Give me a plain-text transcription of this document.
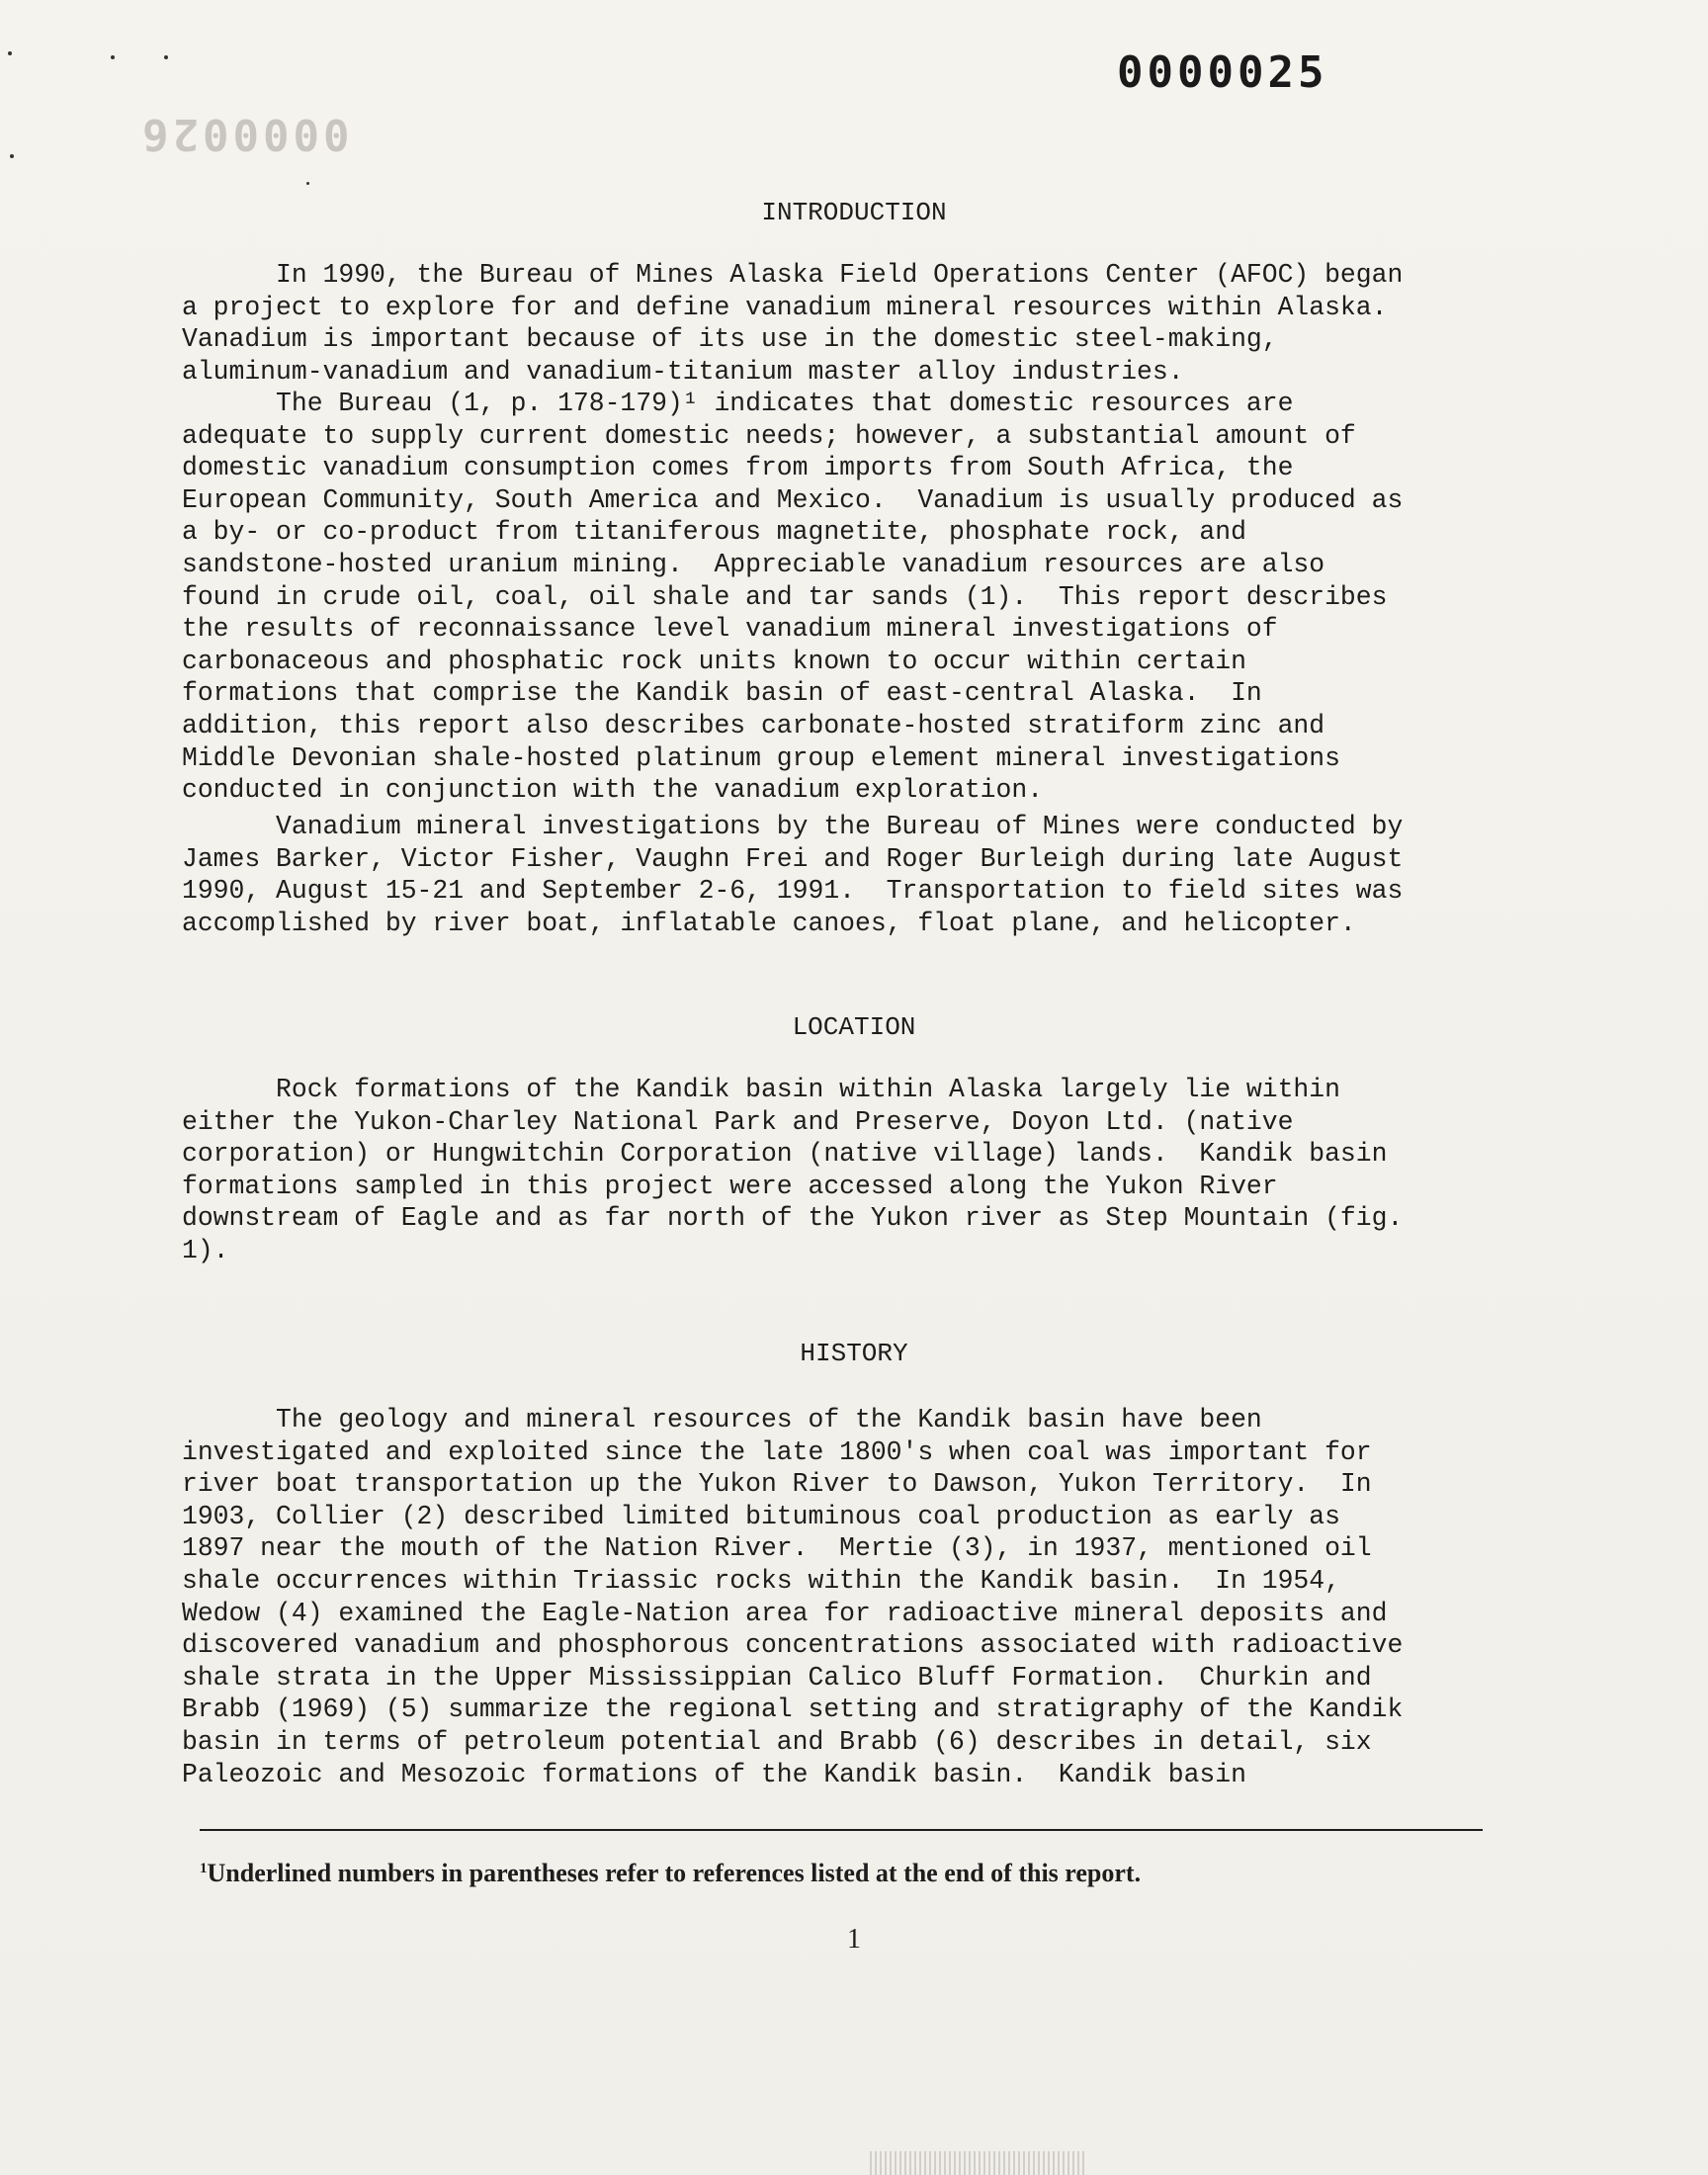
0000026
0000025
INTRODUCTION
In 1990, the Bureau of Mines Alaska Field Operations Center (AFOC) began
a project to explore for and define vanadium mineral resources within Alaska.
Vanadium is important because of its use in the domestic steel-making,
aluminum-vanadium and vanadium-titanium master alloy industries.
The Bureau (1, p. 178-179)¹ indicates that domestic resources are
adequate to supply current domestic needs; however, a substantial amount of
domestic vanadium consumption comes from imports from South Africa, the
European Community, South America and Mexico.  Vanadium is usually produced as
a by- or co-product from titaniferous magnetite, phosphate rock, and
sandstone-hosted uranium mining.  Appreciable vanadium resources are also
found in crude oil, coal, oil shale and tar sands (1).  This report describes
the results of reconnaissance level vanadium mineral investigations of
carbonaceous and phosphatic rock units known to occur within certain
formations that comprise the Kandik basin of east-central Alaska.  In
addition, this report also describes carbonate-hosted stratiform zinc and
Middle Devonian shale-hosted platinum group element mineral investigations
conducted in conjunction with the vanadium exploration.
Vanadium mineral investigations by the Bureau of Mines were conducted by
James Barker, Victor Fisher, Vaughn Frei and Roger Burleigh during late August
1990, August 15-21 and September 2-6, 1991.  Transportation to field sites was
accomplished by river boat, inflatable canoes, float plane, and helicopter.
LOCATION
Rock formations of the Kandik basin within Alaska largely lie within
either the Yukon-Charley National Park and Preserve, Doyon Ltd. (native
corporation) or Hungwitchin Corporation (native village) lands.  Kandik basin
formations sampled in this project were accessed along the Yukon River
downstream of Eagle and as far north of the Yukon river as Step Mountain (fig.
1).
HISTORY
The geology and mineral resources of the Kandik basin have been
investigated and exploited since the late 1800's when coal was important for
river boat transportation up the Yukon River to Dawson, Yukon Territory.  In
1903, Collier (2) described limited bituminous coal production as early as
1897 near the mouth of the Nation River.  Mertie (3), in 1937, mentioned oil
shale occurrences within Triassic rocks within the Kandik basin.  In 1954,
Wedow (4) examined the Eagle-Nation area for radioactive mineral deposits and
discovered vanadium and phosphorous concentrations associated with radioactive
shale strata in the Upper Mississippian Calico Bluff Formation.  Churkin and
Brabb (1969) (5) summarize the regional setting and stratigraphy of the Kandik
basin in terms of petroleum potential and Brabb (6) describes in detail, six
Paleozoic and Mesozoic formations of the Kandik basin.  Kandik basin
$^1$Underlined numbers in parentheses refer to references listed at the end of this report.
1
